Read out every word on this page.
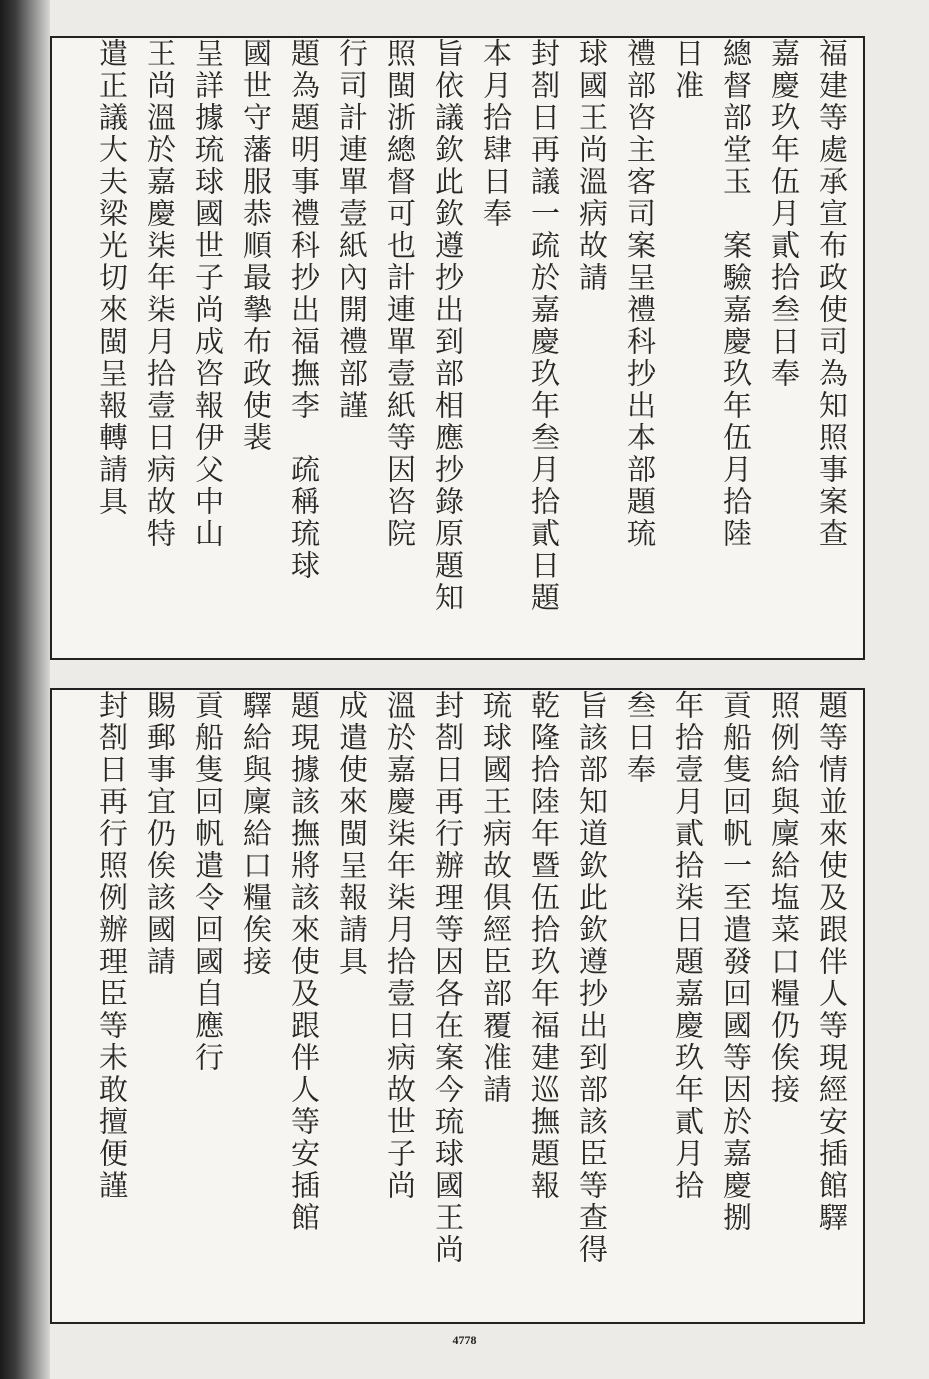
福建等處承宣布政使司為知照事案查
嘉慶玖年伍月貳拾叁日奉
總督部堂玉　案驗嘉慶玖年伍月拾陸
日准
禮部咨主客司案呈禮科抄出本部題琉
球國王尚溫病故請
封剳日再議一疏於嘉慶玖年叁月拾貳日題
本月拾肆日奉
旨依議欽此欽遵抄出到部相應抄錄原題知
照閩浙總督可也計連單壹紙等因咨院
行司計連單壹紙內開禮部謹
題為題明事禮科抄出福撫李　疏稱琉球
國世守藩服恭順最摰布政使裴
呈詳據琉球國世子尚成咨報伊父中山
王尚溫於嘉慶柒年柒月拾壹日病故特
遣正議大夫梁光切來閩呈報轉請具
題等情並來使及跟伴人等現經安插館驛
照例給與廩給塩菜口糧仍俟接
貢船隻回帆一至遣發回國等因於嘉慶捌
年拾壹月貳拾柒日題嘉慶玖年貳月拾
叁日奉
旨該部知道欽此欽遵抄出到部該臣等查得
乾隆拾陸年暨伍拾玖年福建巡撫題報
琉球國王病故俱經臣部覆准請
封剳日再行辦理等因各在案今琉球國王尚
溫於嘉慶柒年柒月拾壹日病故世子尚
成遣使來閩呈報請具
題現據該撫將該來使及跟伴人等安插館
驛給與廩給口糧俟接
貢船隻回帆遣令回國自應行
賜郵事宜仍俟該國請
封剳日再行照例辦理臣等未敢擅便謹
4778
